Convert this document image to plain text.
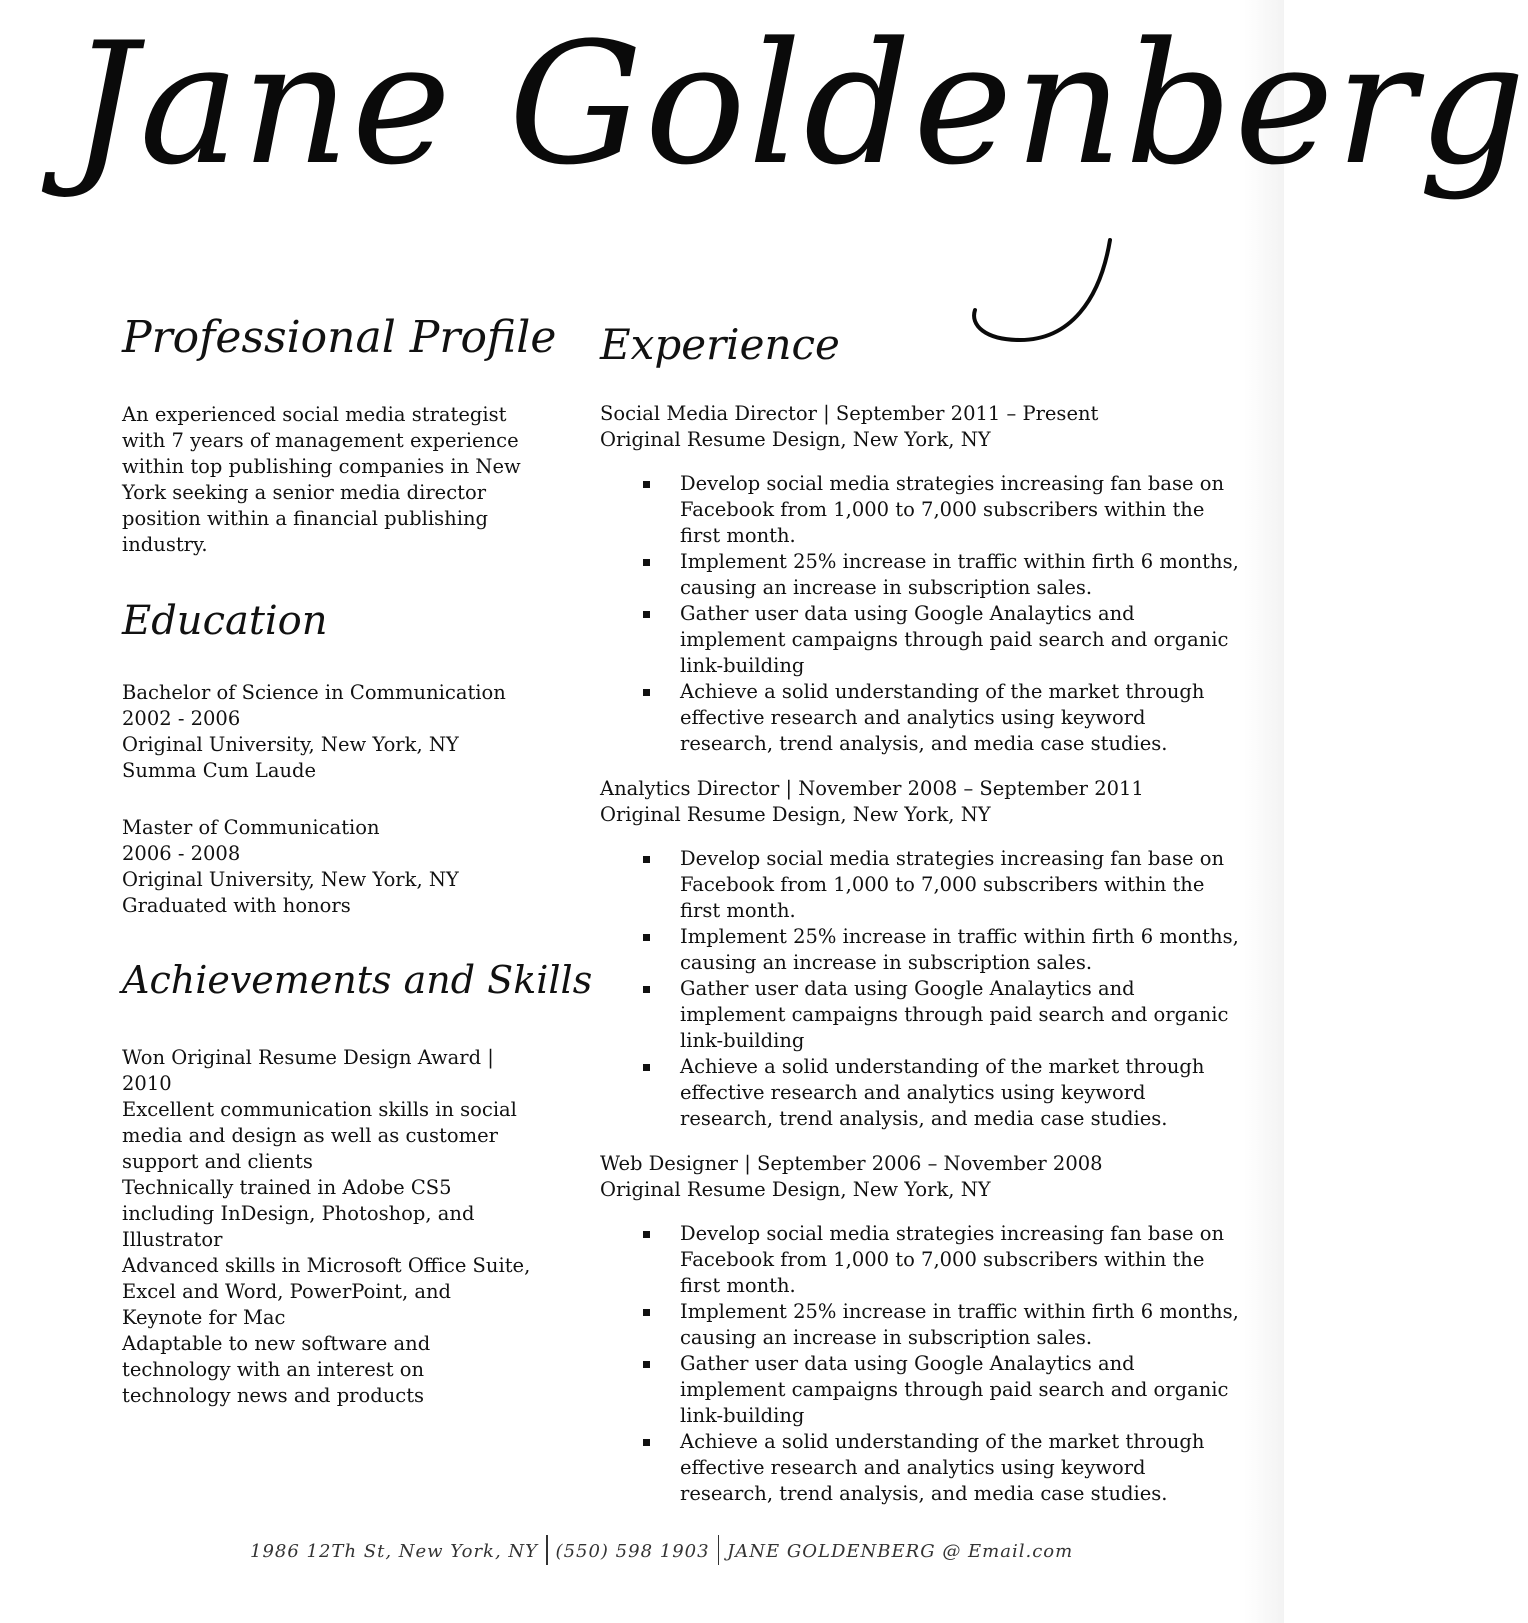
Jane Goldenberg
Professional Profile
An experienced social media strategist
with 7 years of management experience
within top publishing companies in New
York seeking a senior media director
position within a financial publishing
industry.
Education
Bachelor of Science in Communication
2002 - 2006
Original University, New York, NY
Summa Cum Laude
Master of Communication
2006 - 2008
Original University, New York, NY
Graduated with honors
Achievements and Skills
Won Original Resume Design Award | 2010
Excellent communication skills in social media and design as well as customer support and clients
Technically trained in Adobe CS5 including InDesign, Photoshop, and Illustrator
Advanced skills in Microsoft Office Suite, Excel and Word, PowerPoint, and Keynote for Mac
Adaptable to new software and technology with an interest on technology news and products
Experience
Social Media Director | September 2011 – Present
Original Resume Design, New York, NY
Develop social media strategies increasing fan base on Facebook from 1,000 to 7,000 subscribers within the first month.
Implement 25% increase in traffic within firth 6 months, causing an increase in subscription sales.
Gather user data using Google Analaytics and implement campaigns through paid search and organic link-building
Achieve a solid understanding of the market through effective research and analytics using keyword research, trend analysis, and media case studies.
Analytics Director | November 2008 – September 2011
Original Resume Design, New York, NY
Develop social media strategies increasing fan base on Facebook from 1,000 to 7,000 subscribers within the first month.
Implement 25% increase in traffic within firth 6 months, causing an increase in subscription sales.
Gather user data using Google Analaytics and implement campaigns through paid search and organic link-building
Achieve a solid understanding of the market through effective research and analytics using keyword research, trend analysis, and media case studies.
Web Designer | September 2006 – November 2008
Original Resume Design, New York, NY
Develop social media strategies increasing fan base on Facebook from 1,000 to 7,000 subscribers within the first month.
Implement 25% increase in traffic within firth 6 months, causing an increase in subscription sales.
Gather user data using Google Analaytics and implement campaigns through paid search and organic link-building
Achieve a solid understanding of the market through effective research and analytics using keyword research, trend analysis, and media case studies.
1986 12Th St, New York, NY (550) 598 1903 JANE GOLDENBERG @ Email.com
